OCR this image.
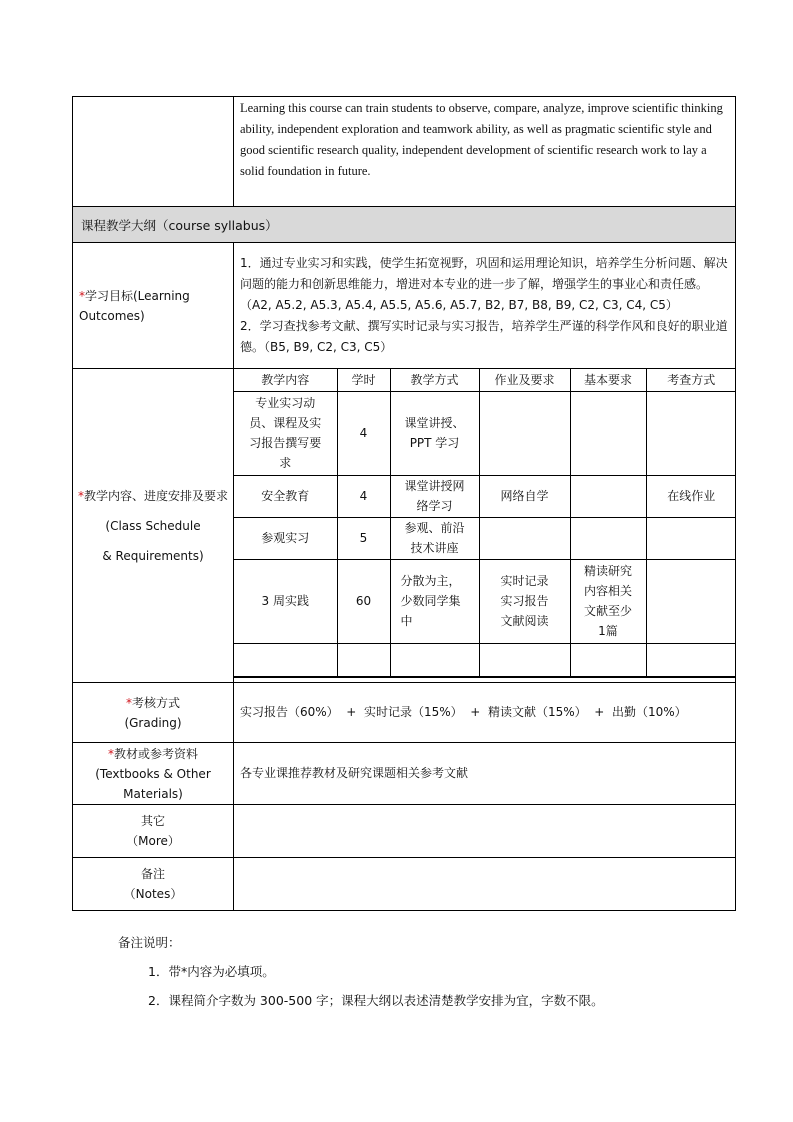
Learning this course can train students to observe, compare, analyze, improve scientific thinking ability, independent exploration and teamwork ability, as well as pragmatic scientific style and good scientific research quality, independent development of scientific research work to lay a solid foundation in future.

课程教学大纲（course syllabus）
*学习目标(Learning Outcomes)	
1．通过专业实习和实践，使学生拓宽视野，巩固和运用理论知识，培养学生分析问题、解决问题的能力和创新思维能力，增进对本专业的进一步了解，增强学生的事业心和责任感。（A2, A5.2, A5.3, A5.4, A5.5, A5.6, A5.7, B2, B7, B8, B9, C2, C3, C4, C5）
2．学习查找参考文献、撰写实时记录与实习报告，培养学生严谨的科学作风和良好的职业道德。（B5, B9, C2, C3, C5）

*教学内容、进度安排及要求
(Class Schedule
& Requirements)

教学内容	学时	教学方式	作业及要求	基本要求	考查方式
专业实习动员、课程及实习报告撰写要求	4	课堂讲授、PPT 学习			
安全教育	4	课堂讲授网络学习	网络自学		在线作业
参观实习	5	参观、前沿技术讲座			
3 周实践	60	分散为主，少数同学集中	实时记录实习报告文献阅读	精读研究内容相关文献至少1篇	

*考核方式
(Grading)
	实习报告（60%）  +  实时记录（15%）  +  精读文献（15%）  +  出勤（10%）

*教材或参考资料
(Textbooks & Other Materials)
	各专业课推荐教材及研究课题相关参考文献

其它
（More）

备注
（Notes）

备注说明：
1．带*内容为必填项。
2．课程简介字数为 300-500 字；课程大纲以表述清楚教学安排为宜，字数不限。
